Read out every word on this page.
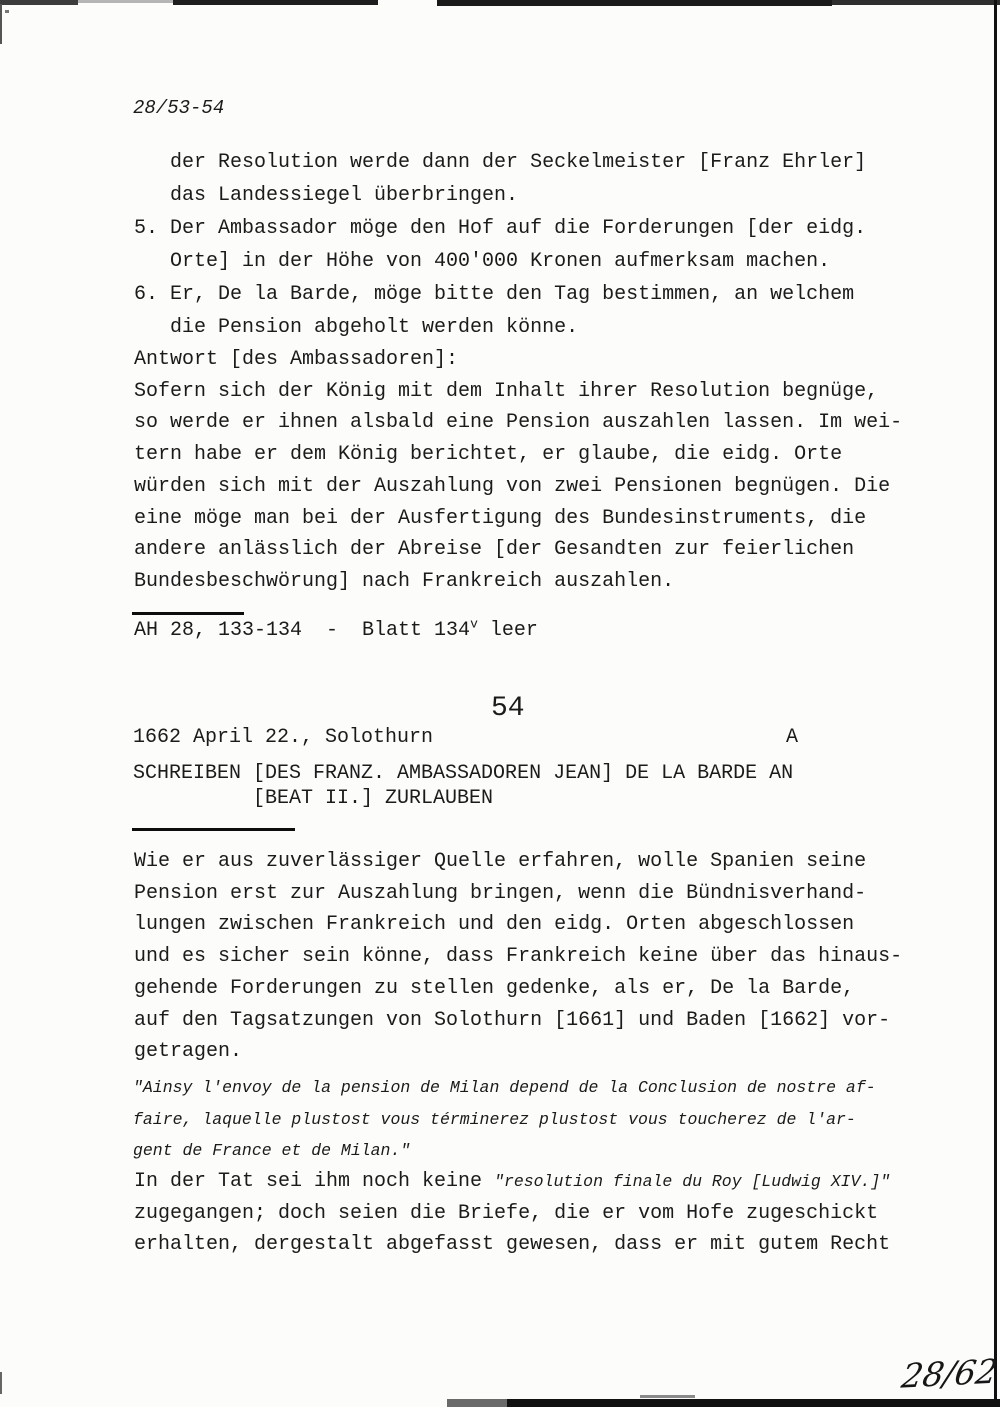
28/53-54
der Resolution werde dann der Seckelmeister [Franz Ehrler]
das Landessiegel überbringen.
5. Der Ambassador möge den Hof auf die Forderungen [der eidg.
Orte] in der Höhe von 400'000 Kronen aufmerksam machen.
6. Er, De la Barde, möge bitte den Tag bestimmen, an welchem
die Pension abgeholt werden könne.
Antwort [des Ambassadoren]:
Sofern sich der König mit dem Inhalt ihrer Resolution begnüge,
so werde er ihnen alsbald eine Pension auszahlen lassen. Im wei-
tern habe er dem König berichtet, er glaube, die eidg. Orte
würden sich mit der Auszahlung von zwei Pensionen begnügen. Die
eine möge man bei der Ausfertigung des Bundesinstruments, die
andere anlässlich der Abreise [der Gesandten zur feierlichen
Bundesbeschwörung] nach Frankreich auszahlen.
AH 28, 133-134  -  Blatt 134$^v$ leer
54
1662 April 22., Solothurn	A
SCHREIBEN [DES FRANZ. AMBASSADOREN JEAN] DE LA BARDE AN
[BEAT II.] ZURLAUBEN
Wie er aus zuverlässiger Quelle erfahren, wolle Spanien seine
Pension erst zur Auszahlung bringen, wenn die Bündnisverhand-
lungen zwischen Frankreich und den eidg. Orten abgeschlossen
und es sicher sein könne, dass Frankreich keine über das hinaus-
gehende Forderungen zu stellen gedenke, als er, De la Barde,
auf den Tagsatzungen von Solothurn [1661] und Baden [1662] vor-
getragen.
"Ainsy l'envoy de la pension de Milan depend de la Conclusion de nostre af-
faire, laquelle plustost vous términerez plustost vous toucherez de l'ar-
gent de France et de Milan."
In der Tat sei ihm noch keine "resolution finale du Roy [Ludwig XIV.]"
zugegangen; doch seien die Briefe, die er vom Hofe zugeschickt
erhalten, dergestalt abgefasst gewesen, dass er mit gutem Recht
28/62
